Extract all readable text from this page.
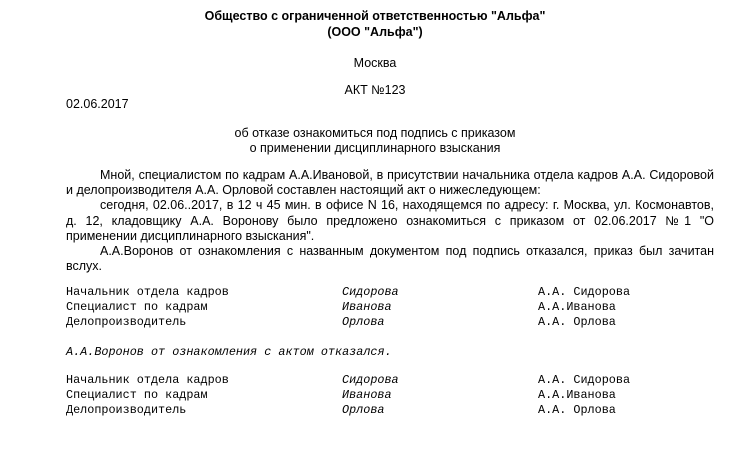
Общество с ограниченной ответственностью "Альфа"
(ООО "Альфа")
Москва
АКТ №123
02.06.2017
об отказе ознакомиться под подпись с приказом
о применении дисциплинарного взыскания

Мной, специалистом по кадрам А.А.Ивановой, в присутствии начальника отдела кадров А.А. Сидоровой и делопроизводителя А.А. Орловой составлен настоящий акт о нижеследующем:

сегодня, 02.06..2017, в 12 ч 45 мин. в офисе N 16, находящемся по адресу: г. Москва, ул. Космонавтов, д. 12, кладовщику А.А. Воронову было предложено ознакомиться с приказом от 02.06.2017 №1 "О применении дисциплинарного взыскания".

А.А.Воронов от ознакомления с названным документом под подпись отказался, приказ был зачитан вслух.

Начальник отдела кадров	Сидорова	А.А. Сидорова
Специалист по кадрам	Иванова	А.А.Иванова
Делопроизводитель	Орлова	А.А. Орлова
А.А.Воронов от ознакомления с актом отказался.
Начальник отдела кадров	Сидорова	А.А. Сидорова
Специалист по кадрам	Иванова	А.А.Иванова
Делопроизводитель	Орлова	А.А. Орлова
